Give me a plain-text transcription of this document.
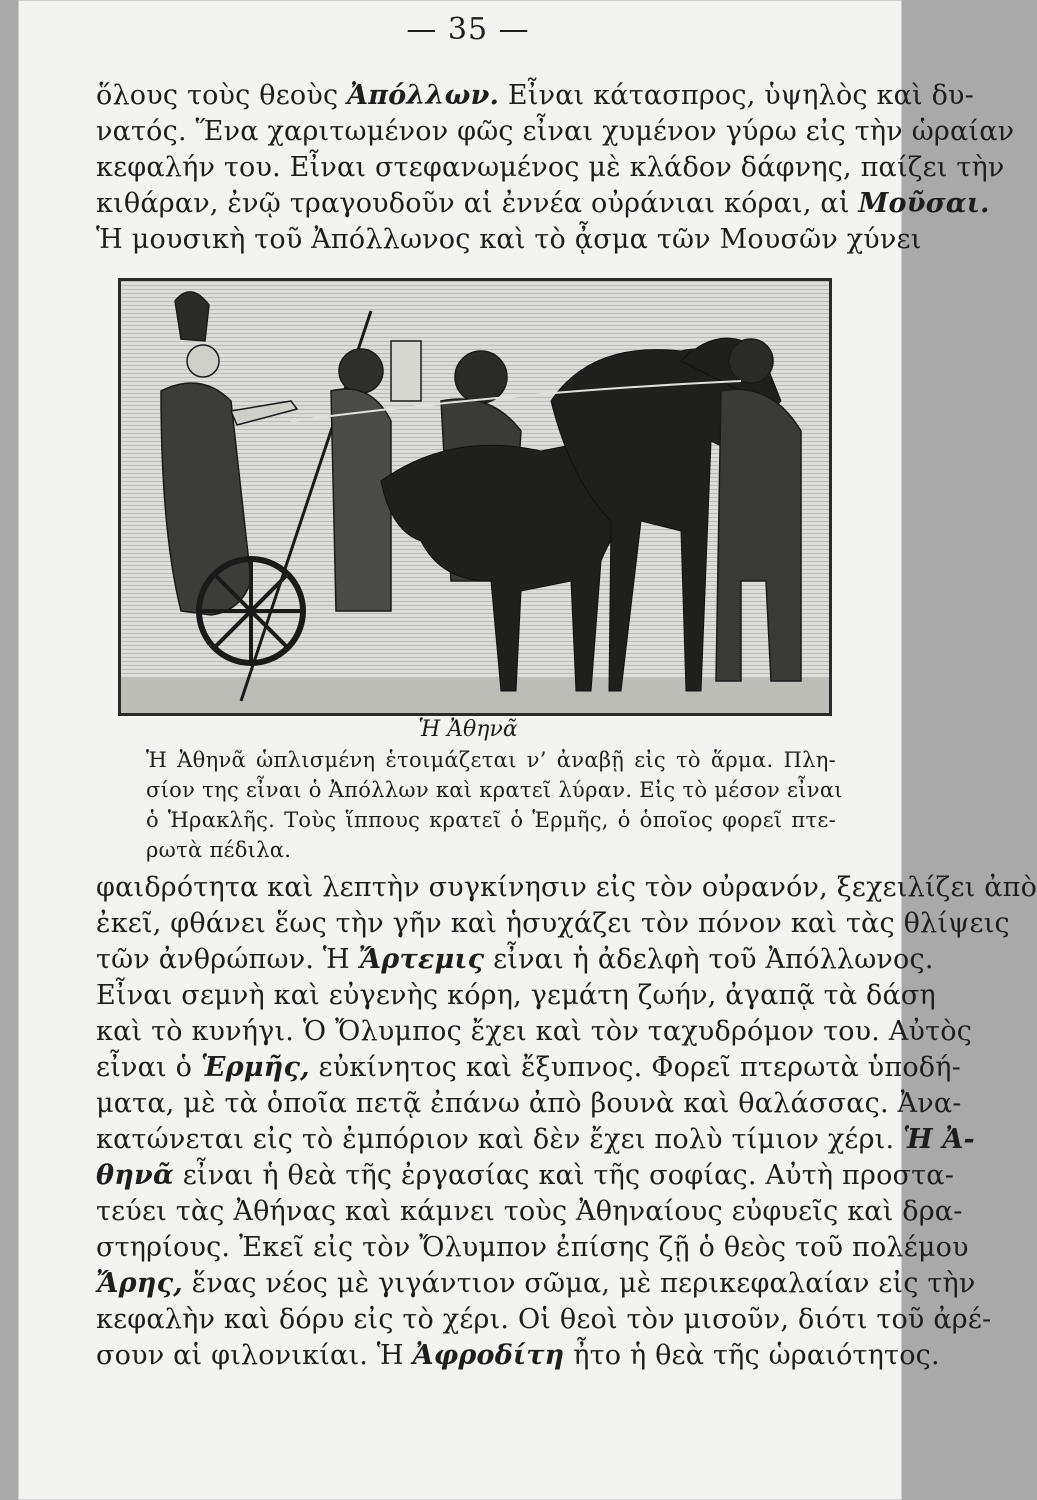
— 35 —
ὅλους τοὺς θεοὺς Ἀπόλλων. Εἶναι κάτασπρος, ὑψηλὸς καὶ δυ-
νατός. Ἕνα χαριτωμένον φῶς εἶναι χυμένον γύρω εἰς τὴν ὡραίαν
κεφαλήν του. Εἶναι στεφανωμένος μὲ κλάδον δάφνης, παίζει τὴν
κιθάραν, ἐνῷ τραγουδοῦν αἱ ἐννέα οὐράνιαι κόραι, αἱ Μοῦσαι.
Ἡ μουσικὴ τοῦ Ἀπόλλωνος καὶ τὸ ᾆσμα τῶν Μουσῶν χύνει
Ἡ Ἀθηνᾶ
Ἡ Ἀθηνᾶ ὡπλισμένη ἑτοιμάζεται ν’ ἀναβῇ εἰς τὸ ἅρμα. Πλη-
σίον της εἶναι ὁ Ἀπόλλων καὶ κρατεῖ λύραν. Εἰς τὸ μέσον εἶναι
ὁ Ἡρακλῆς. Τοὺς ἵππους κρατεῖ ὁ Ἑρμῆς, ὁ ὁποῖος φορεῖ πτε-
ρωτὰ πέδιλα.
φαιδρότητα καὶ λεπτὴν συγκίνησιν εἰς τὸν οὐρανόν, ξεχειλίζει ἀπὸ
ἐκεῖ, φθάνει ἕως τὴν γῆν καὶ ἡσυχάζει τὸν πόνον καὶ τὰς θλίψεις
τῶν ἀνθρώπων. Ἡ Ἄρτεμις εἶναι ἡ ἀδελφὴ τοῦ Ἀπόλλωνος.
Εἶναι σεμνὴ καὶ εὐγενὴς κόρη, γεμάτη ζωήν, ἀγαπᾷ τὰ δάση
καὶ τὸ κυνήγι. Ὁ Ὄλυμπος ἔχει καὶ τὸν ταχυδρόμον του. Αὐτὸς
εἶναι ὁ Ἑρμῆς, εὐκίνητος καὶ ἔξυπνος. Φορεῖ πτερωτὰ ὑποδή-
ματα, μὲ τὰ ὁποῖα πετᾷ ἐπάνω ἀπὸ βουνὰ καὶ θαλάσσας. Ἀνα-
κατώνεται εἰς τὸ ἐμπόριον καὶ δὲν ἔχει πολὺ τίμιον χέρι. Ἡ Ἀ-
θηνᾶ εἶναι ἡ θεὰ τῆς ἐργασίας καὶ τῆς σοφίας. Αὐτὴ προστα-
τεύει τὰς Ἀθήνας καὶ κάμνει τοὺς Ἀθηναίους εὐφυεῖς καὶ δρα-
στηρίους. Ἐκεῖ εἰς τὸν Ὄλυμπον ἐπίσης ζῇ ὁ θεὸς τοῦ πολέμου
Ἄρης, ἕνας νέος μὲ γιγάντιον σῶμα, μὲ περικεφαλαίαν εἰς τὴν
κεφαλὴν καὶ δόρυ εἰς τὸ χέρι. Οἱ θεοὶ τὸν μισοῦν, διότι τοῦ ἀρέ-
σουν αἱ φιλονικίαι. Ἡ Ἀφροδίτη ἦτο ἡ θεὰ τῆς ὡραιότητος.
